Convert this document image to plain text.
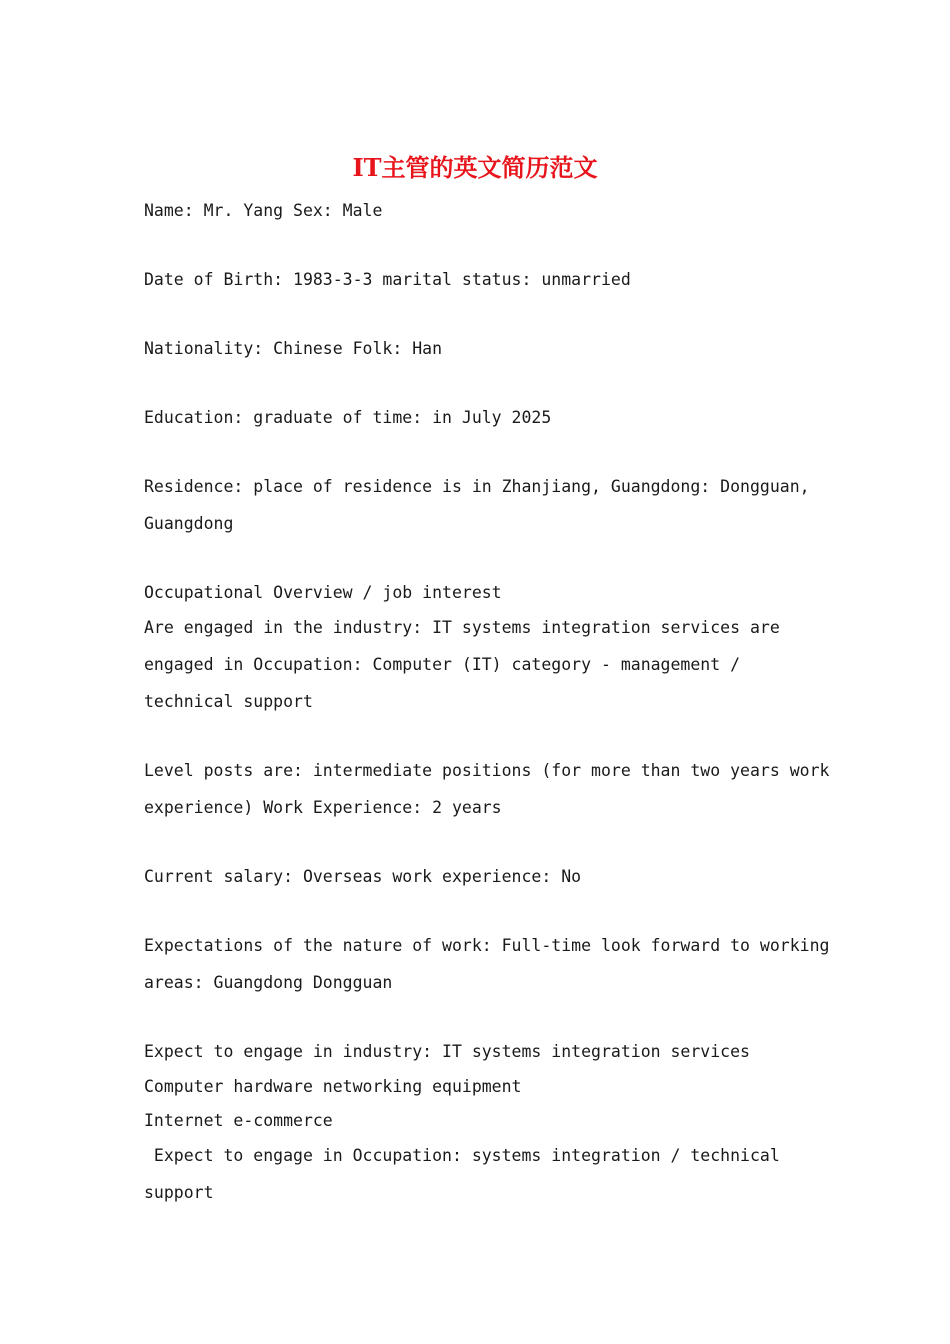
IT主管的英文简历范文

Name: Mr. Yang Sex: Male

Date of Birth: 1983-3-3 marital status: unmarried

Nationality: Chinese Folk: Han

Education: graduate of time: in July 2025

Residence: place of residence is in Zhanjiang, Guangdong: Dongguan,

Guangdong

Occupational Overview / job interest

Are engaged in the industry: IT systems integration services are

engaged in Occupation: Computer (IT) category - management /

technical support

Level posts are: intermediate positions (for more than two years work

experience) Work Experience: 2 years

Current salary: Overseas work experience: No

Expectations of the nature of work: Full-time look forward to working

areas: Guangdong Dongguan

Expect to engage in industry: IT systems integration services

Computer hardware networking equipment

Internet e-commerce

Expect to engage in Occupation: systems integration / technical

support
